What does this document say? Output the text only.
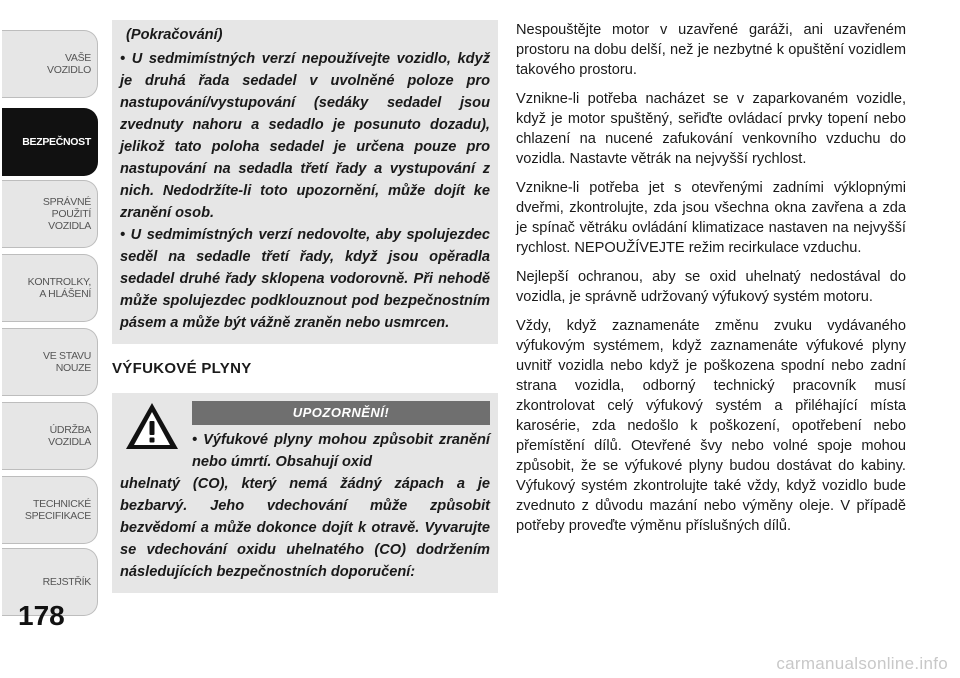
VAŠE
VOZIDLO
BEZPEČNOST
SPRÁVNÉ
POUŽITÍ
VOZIDLA
KONTROLKY,
A HLÁŠENÍ
VE STAVU
NOUZE
ÚDRŽBA
VOZIDLA
TECHNICKÉ
SPECIFIKACE
REJSTŘÍK
178
(Pokračování)

• U sedmimístných verzí nepoužívejte vozidlo, když je druhá řada sedadel v uvolněné poloze pro nastupování/vystupování (sedáky sedadel jsou zvednuty nahoru a sedadlo je posunuto dozadu), jelikož tato poloha sedadel je určena pouze pro nastupování na sedadla třetí řady a vystupování z nich. Nedodržíte-li toto upozornění, může dojít ke zranění osob.

• U sedmimístných verzí nedovolte, aby spolujezdec seděl na sedadle třetí řady, když jsou opěradla sedadel druhé řady sklopena vodorovně. Při nehodě může spolujezdec podklouznout pod bezpečnostním pásem a může být vážně zraněn nebo usmrcen.

VÝFUKOVÉ PLYNY
UPOZORNĚNÍ!
• Výfukové plyny mohou způsobit zranění nebo úmrtí. Obsahují oxid
uhelnatý (CO), který nemá žádný zápach a je bezbarvý. Jeho vdechování může způsobit bezvědomí a může dokonce dojít k otravě. Vyvarujte se vdechování oxidu uhelnatého (CO) dodržením následujících bezpečnostních doporučení:

Nespouštějte motor v uzavřené garáži, ani uzavřeném prostoru na dobu delší, než je nezbytné k opuštění vozidlem takového prostoru.

Vznikne-li potřeba nacházet se v zaparkovaném vozidle, když je motor spuštěný, seřiďte ovládací prvky topení nebo chlazení na nucené zafukování venkovního vzduchu do vozidla. Nastavte větrák na nejvyšší rychlost.

Vznikne-li potřeba jet s otevřenými zadními výklopnými dveřmi, zkontrolujte, zda jsou všechna okna zavřena a zda je spínač větráku ovládání klimatizace nastaven na nejvyšší rychlost. NEPOUŽÍVEJTE režim recirkulace vzduchu.

Nejlepší ochranou, aby se oxid uhelnatý nedostával do vozidla, je správně udržovaný výfukový systém motoru.

Vždy, když zaznamenáte změnu zvuku vydávaného výfukovým systémem, když zaznamenáte výfukové plyny uvnitř vozidla nebo když je poškozena spodní nebo zadní strana vozidla, odborný technický pracovník musí zkontrolovat celý výfukový systém a přiléhající místa karosérie, zda nedošlo k poškození, opotřebení nebo přemístění dílů. Otevřené švy nebo volné spoje mohou způsobit, že se výfukové plyny budou dostávat do kabiny. Výfukový systém zkontrolujte také vždy, když vozidlo bude zvednuto z důvodu mazání nebo výměny oleje. V případě potřeby proveďte výměnu příslušných dílů.

carmanualsonline.info
